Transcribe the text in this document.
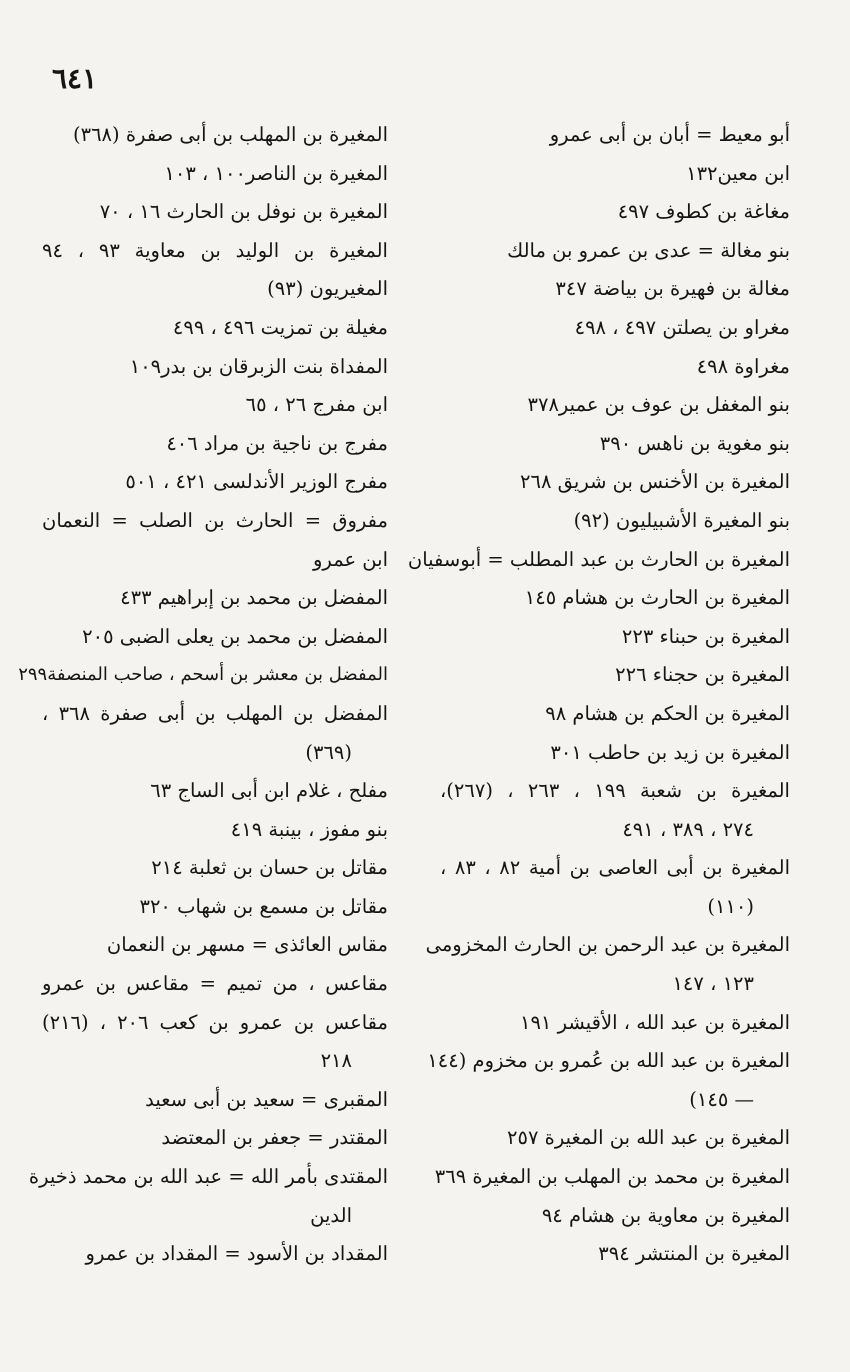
٦٤١
أبو معيط = أبان بن أبى عمرو
ابن معين١٣٢
مغاغة بن كطوف ٤٩٧
بنو مغالة = عدى بن عمرو بن مالك
مغالة بن فهيرة بن بياضة ٣٤٧
مغراو بن يصلتن ٤٩٧ ، ٤٩٨
مغراوة ٤٩٨
بنو المغفل بن عوف بن عمير٣٧٨
بنو مغوية بن ناهس ٣٩٠
المغيرة بن الأخنس بن شريق ٢٦٨
بنو المغيرة الأشبيليون (٩٢)
المغيرة بن الحارث بن عبد المطلب = أبوسفيان
المغيرة بن الحارث بن هشام ١٤٥
المغيرة بن حبناء ٢٢٣
المغيرة بن حجناء ٢٢٦
المغيرة بن الحكم بن هشام ٩٨
المغيرة بن زيد بن حاطب ٣٠١
المغيرة بن شعبة ١٩٩ ، ٢٦٣ ، (٢٦٧)،
٢٧٤ ، ٣٨٩ ، ٤٩١
المغيرة بن أبى العاصى بن أمية ٨٢ ، ٨٣ ،
(١١٠)
المغيرة بن عبد الرحمن بن الحارث المخزومى
١٢٣ ، ١٤٧
المغيرة بن عبد الله ، الأقيشر ١٩١
المغيرة بن عبد الله بن عُمرو بن مخزوم (١٤٤
— ١٤٥)
المغيرة بن عبد الله بن المغيرة ٢٥٧
المغيرة بن محمد بن المهلب بن المغيرة ٣٦٩
المغيرة بن معاوية بن هشام ٩٤
المغيرة بن المنتشر ٣٩٤
المغيرة بن المهلب بن أبى صفرة (٣٦٨)
المغيرة بن الناصر١٠٠ ، ١٠٣
المغيرة بن نوفل بن الحارث ١٦ ، ٧٠
المغيرة بن الوليد بن معاوية ٩٣ ، ٩٤
المغيريون (٩٣)
مغيلة بن تمزيت ٤٩٦ ، ٤٩٩
المفداة بنت الزبرقان بن بدر١٠٩
ابن مفرج ٢٦ ، ٦٥
مفرج بن ناجية بن مراد ٤٠٦
مفرج الوزير الأندلسى ٤٢١ ، ٥٠١
مفروق = الحارث بن الصلب = النعمان
ابن عمرو
المفضل بن محمد بن إبراهيم ٤٣٣
المفضل بن محمد بن يعلى الضبى ٢٠٥
المفضل بن معشر بن أسحم ، صاحب المنصفة٢٩٩
المفضل بن المهلب بن أبى صفرة ٣٦٨ ،
(٣٦٩)
مفلح ، غلام ابن أبى الساج ٦٣
بنو مفوز ، بينبة ٤١٩
مقاتل بن حسان بن ثعلبة ٢١٤
مقاتل بن مسمع بن شهاب ٣٢٠
مقاس العائذى = مسهر بن النعمان
مقاعس ، من تميم = مقاعس بن عمرو
مقاعس بن عمرو بن كعب ٢٠٦ ، (٢١٦)
٢١٨
المقبرى = سعيد بن أبى سعيد
المقتدر = جعفر بن المعتضد
المقتدى بأمر الله = عبد الله بن محمد ذخيرة
الدين
المقداد بن الأسود = المقداد بن عمرو
